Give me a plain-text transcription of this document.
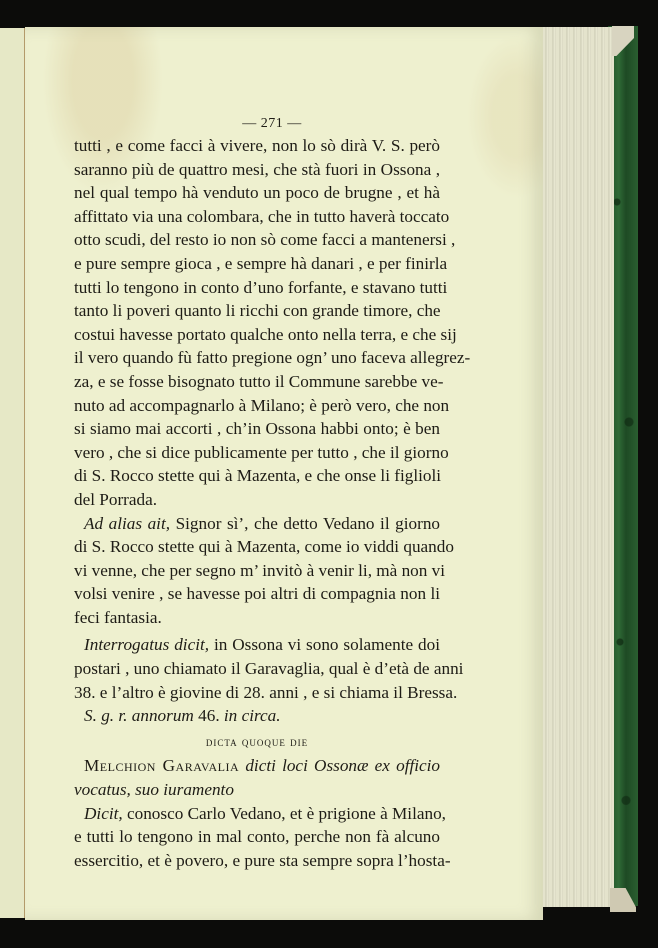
— 271 —
tutti , e come facci à vivere, non lo sò dirà V. S. però
saranno più de quattro mesi, che stà fuori in Ossona ,
nel qual tempo hà venduto un poco de brugne , et hà
affittato via una colombara, che in tutto haverà toccato
otto scudi, del resto io non sò come facci a mantenersi ,
e pure sempre gioca , e sempre hà danari , e per finirla
tutti lo tengono in conto d’uno forfante, e stavano tutti
tanto li poveri quanto li ricchi con grande timore, che
costui havesse portato qualche onto nella terra, e che sij
il vero quando fù fatto pregione ogn’ uno faceva allegrez-
za, e se fosse bisognato tutto il Commune sarebbe ve-
nuto ad accompagnarlo à Milano; è però vero, che non
si siamo mai accorti , ch’in Ossona habbi onto; è ben
vero , che si dice publicamente per tutto , che il giorno
di S. Rocco stette qui à Mazenta, e che onse li figlioli
del Porrada.
Ad alias ait, Signor sì’, che detto Vedano il giorno
di S. Rocco stette qui à Mazenta, come io viddi quando
vi venne, che per segno m’ invitò à venir li, mà non vi
volsi venire , se havesse poi altri di compagnia non li
feci fantasia.
Interrogatus dicit, in Ossona vi sono solamente doi
postari , uno chiamato il Garavaglia, qual è d’età de anni
38. e l’altro è giovine di 28. anni , e si chiama il Bressa.
S. g. r. annorum 46. in circa.
dicta quoque die
Melchion Garavalia dicti loci Ossonæ ex officio
vocatus, suo iuramento
Dicit, conosco Carlo Vedano, et è prigione à Milano,
e tutti lo tengono in mal conto, perche non fà alcuno
essercitio, et è povero, e pure sta sempre sopra l’hosta-
